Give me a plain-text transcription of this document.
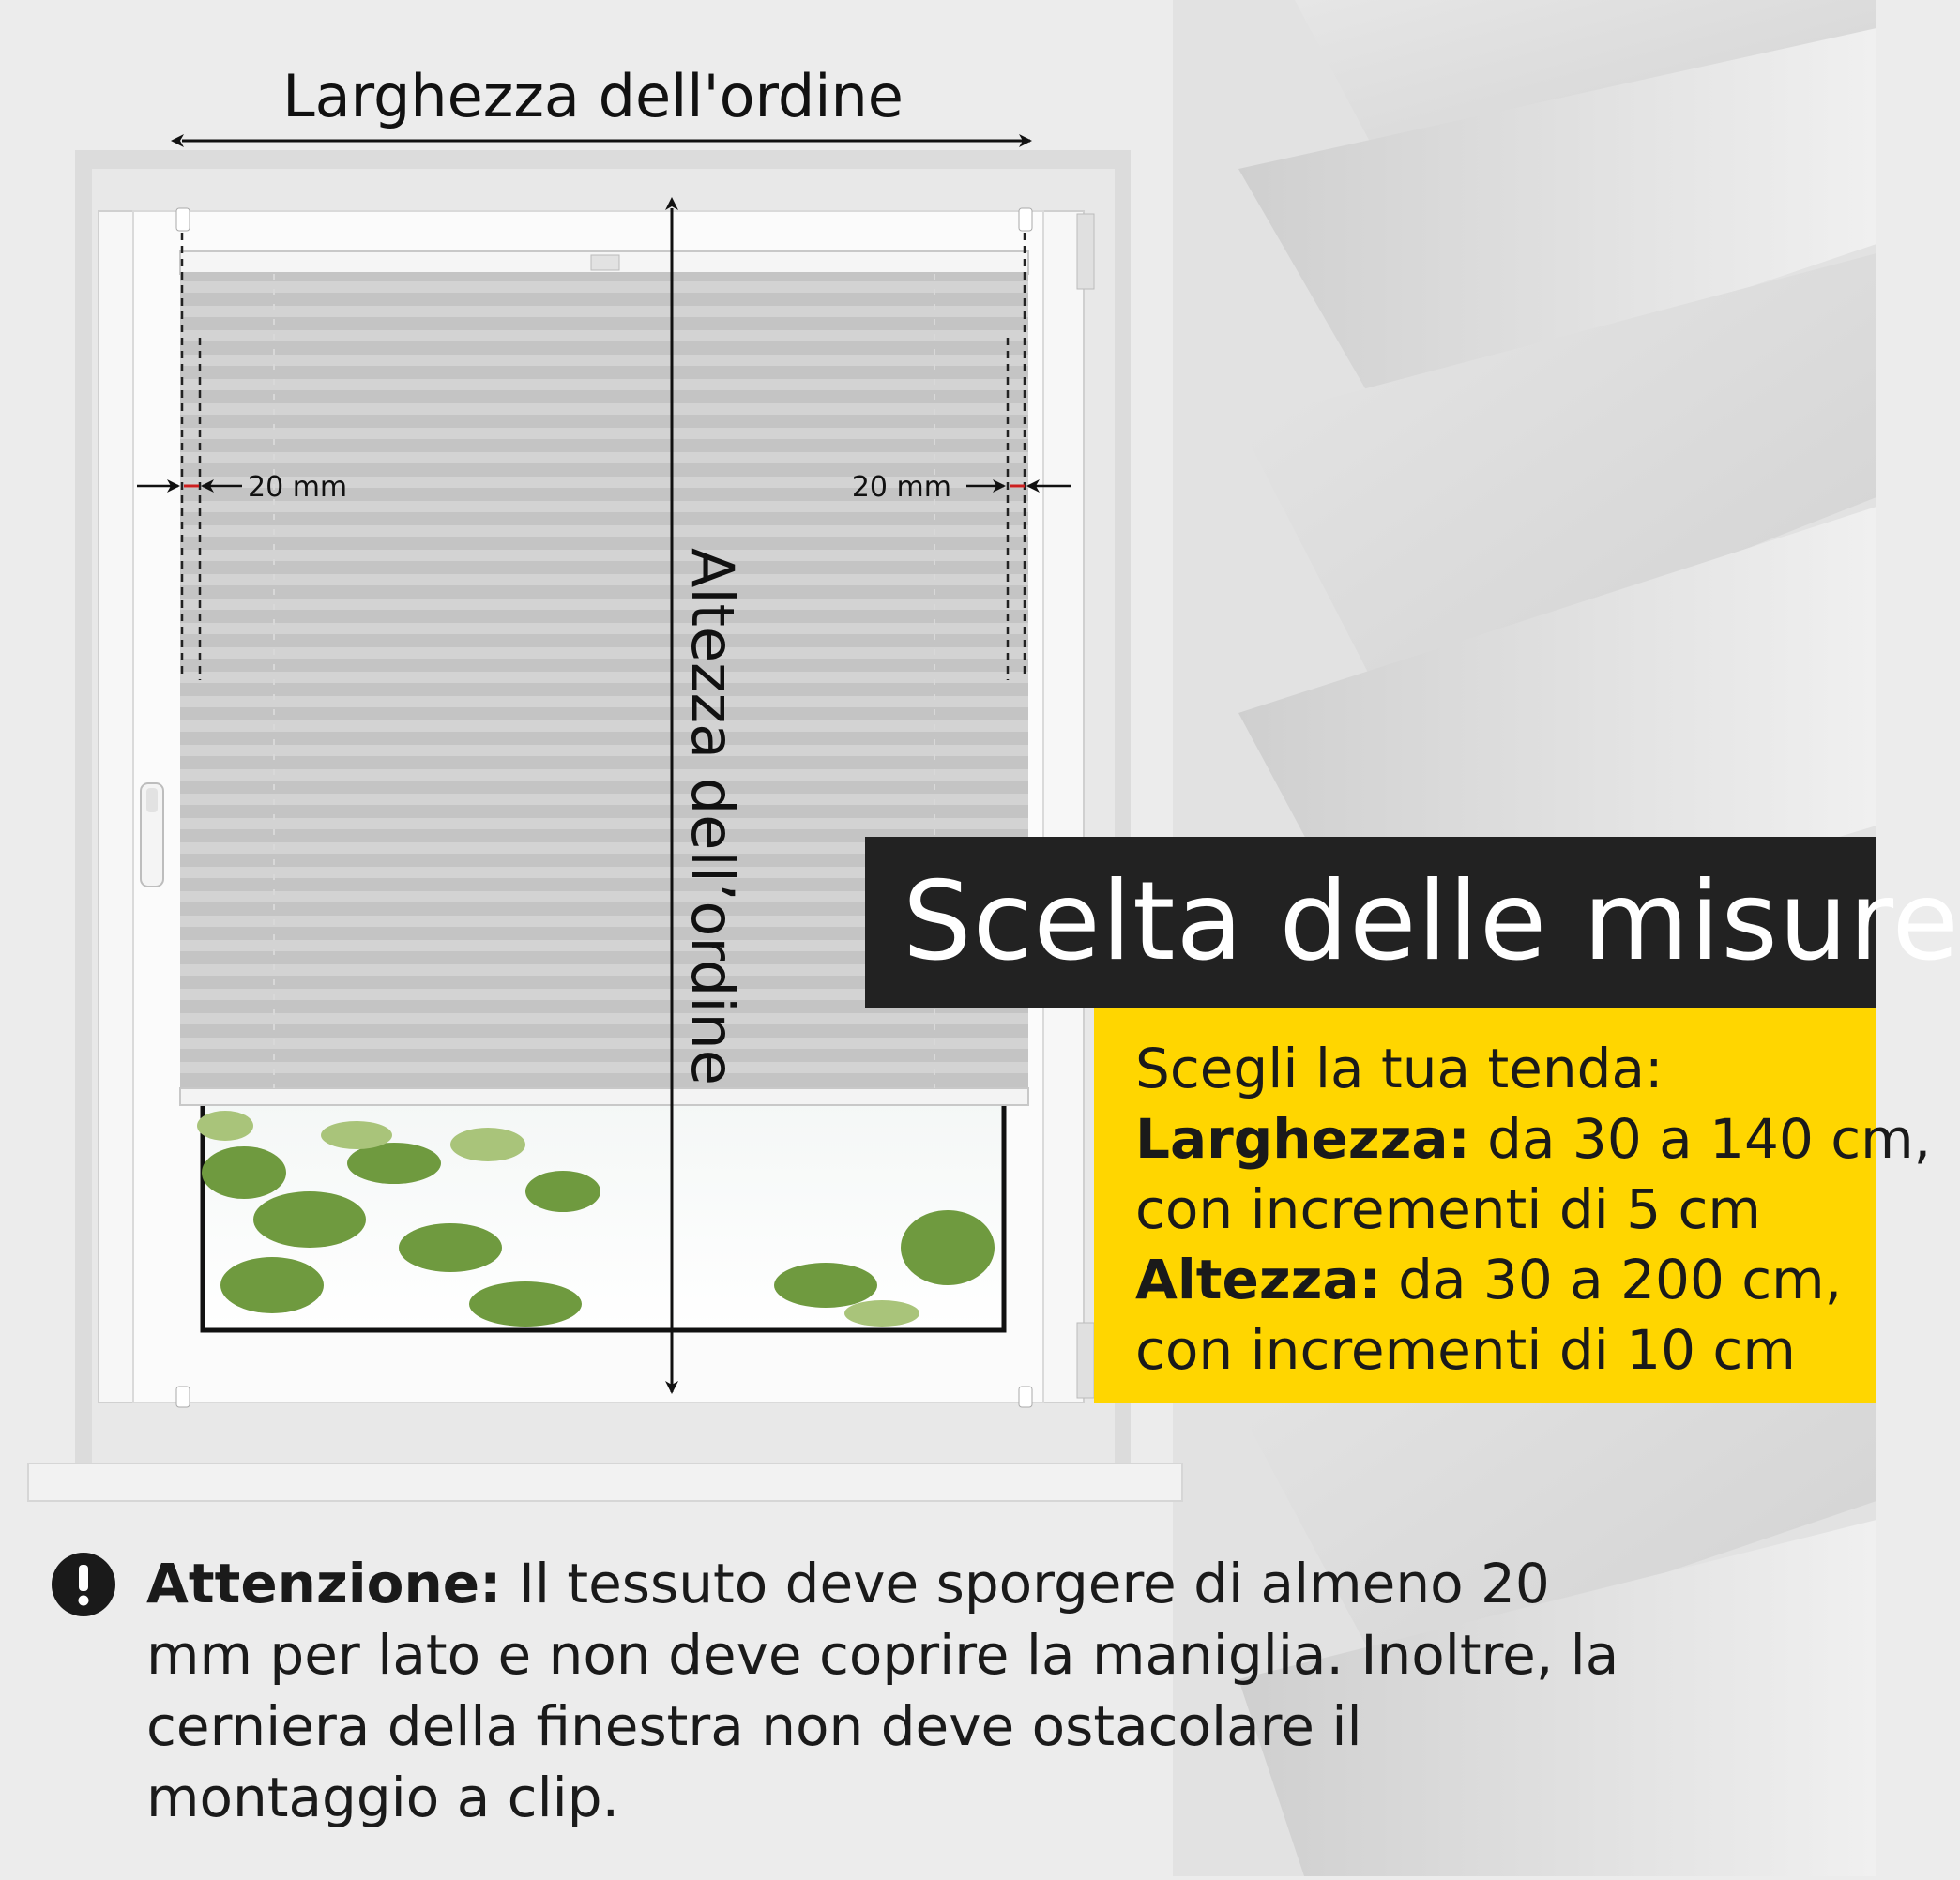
Larghezza dell'ordine
Altezza dell’ordine
20 mm	20 mm
Scelta delle misure
Scegli la tua tenda:
Larghezza: da 30 a 140 cm,
con incrementi di 5 cm
Altezza: da 30 a 200 cm,
con incrementi di 10 cm
Attenzione: Il tessuto deve sporgere di almeno 20 mm per lato e non deve coprire la maniglia. Inoltre, la cerniera della finestra non deve ostacolare il montaggio a clip.
